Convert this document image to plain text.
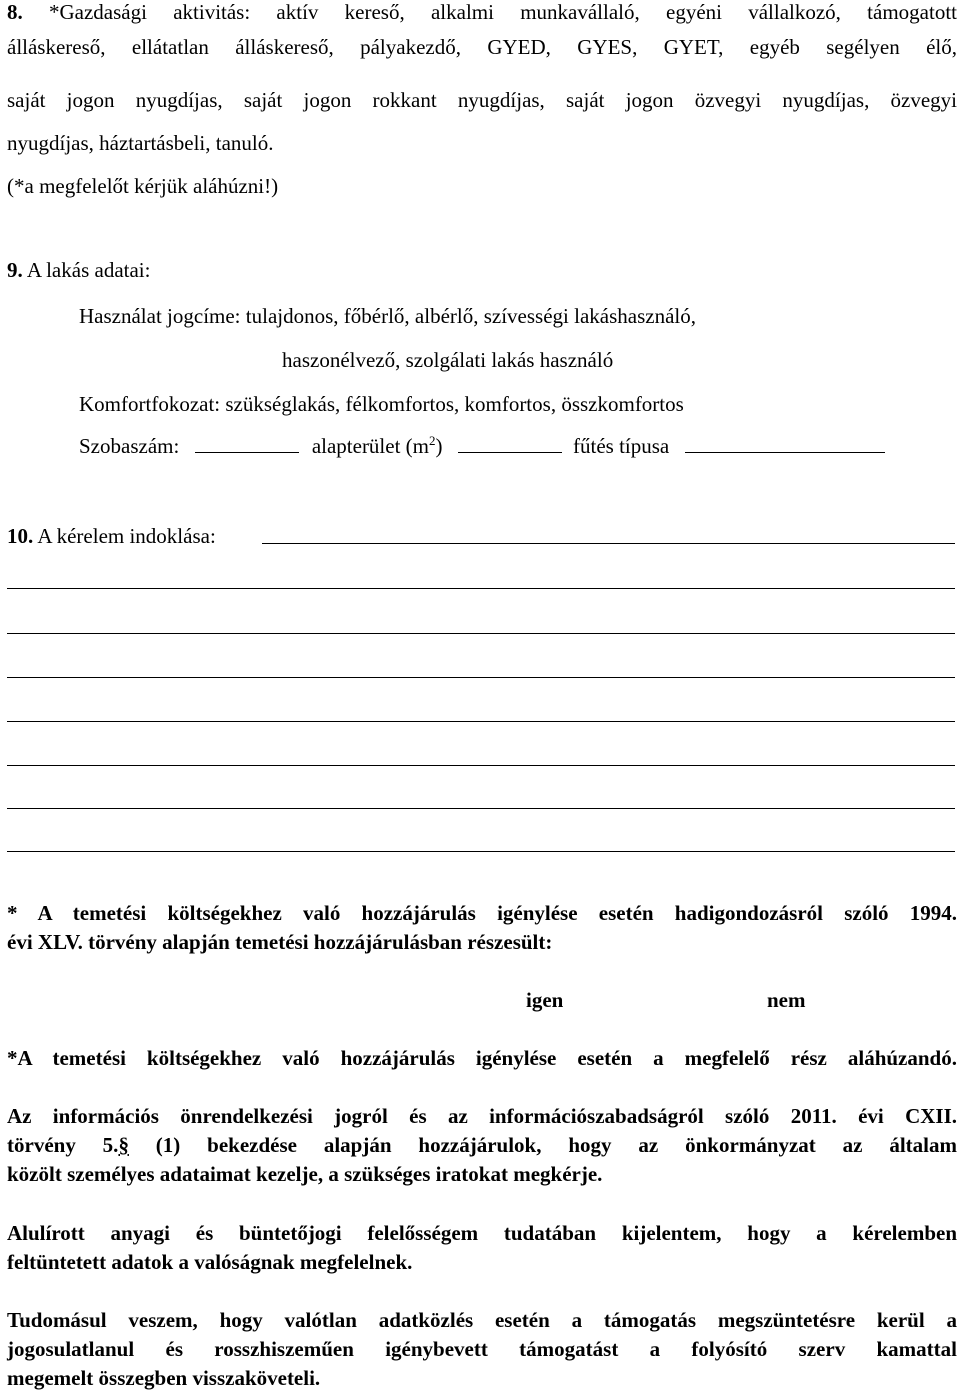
8. *Gazdasági aktivitás: aktív kereső, alkalmi munkavállaló, egyéni vállalkozó, támogatott
álláskereső, ellátatlan álláskereső, pályakezdő, GYED, GYES, GYET, egyéb segélyen élő,
saját jogon nyugdíjas, saját jogon rokkant nyugdíjas, saját jogon özvegyi nyugdíjas, özvegyi
nyugdíjas, háztartásbeli, tanuló.
(*a megfelelőt kérjük aláhúzni!)
9. A lakás adatai:
Használat jogcíme: tulajdonos, főbérlő, albérlő, szívességi lakáshasználó,
haszonélvező, szolgálati lakás használó
Komfortfokozat: szükséglakás, félkomfortos, komfortos, összkomfortos
Szobaszám:	alapterület $(m^2)$	fűtés típusa
10. A kérelem indoklása:
* A temetési költségekhez való hozzájárulás igénylése esetén hadigondozásról szóló 1994.
évi XLV. törvény alapján temetési hozzájárulásban részesült:
igen	nem
*A temetési költségekhez való hozzájárulás igénylése esetén a megfelelő rész aláhúzandó.
Az információs önrendelkezési jogról és az információszabadságról szóló 2011. évi CXII.
törvény 5.§ (1) bekezdése alapján hozzájárulok, hogy az önkormányzat az általam
közölt személyes adataimat kezelje, a szükséges iratokat megkérje.
Alulírott anyagi és büntetőjogi felelősségem tudatában kijelentem, hogy a kérelemben
feltüntetett adatok a valóságnak megfelelnek.
Tudomásul veszem, hogy valótlan adatközlés esetén a támogatás megszüntetésre kerül a
jogosulatlanul és rosszhiszeműen igénybevett támogatást a folyósító szerv kamattal
megemelt összegben visszaköveteli.
